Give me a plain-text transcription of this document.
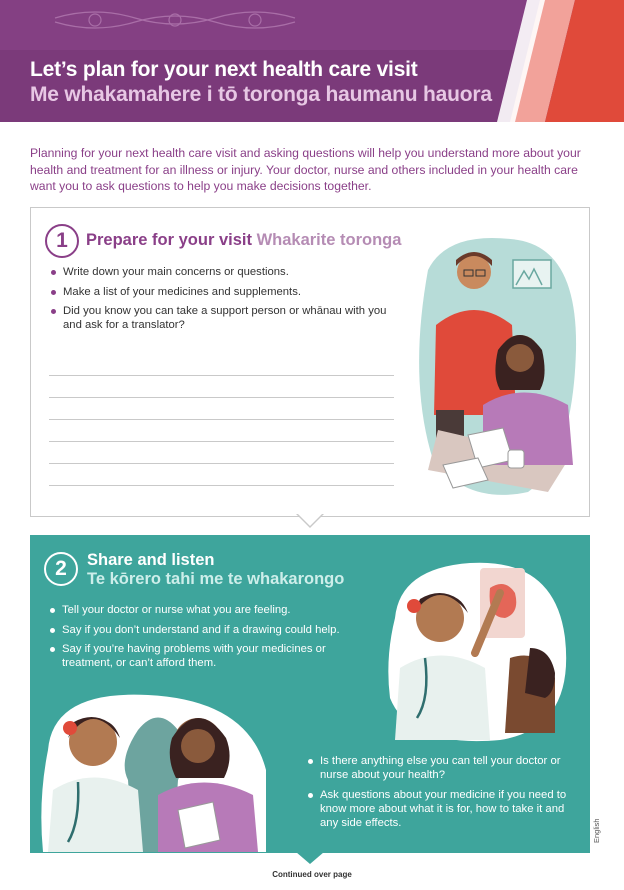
Let’s plan for your next health care visit
Me whakamahere i tō toronga haumanu hauora

Planning for your next health care visit and asking questions will help you understand more about your health and treatment for an illness or injury. Your doctor, nurse and others included in your health care want you to ask questions to help you make decisions together.

1	Prepare for your visit Whakarite toronga
Write down your main concerns or questions.
Make a list of your medicines and supplements.
Did you know you can take a support person or whānau with you and ask for a translator?
2	Share and listen
Te kōrero tahi me te whakarongo
Tell your doctor or nurse what you are feeling.
Say if you don’t understand and if a drawing could help.
Say if you’re having problems with your medicines or treatment, or can’t afford them.
Is there anything else you can tell your doctor or nurse about your health?
Ask questions about your medicine if you need to know more about what it is for, how to take it and any side effects.
Continued over page
English
